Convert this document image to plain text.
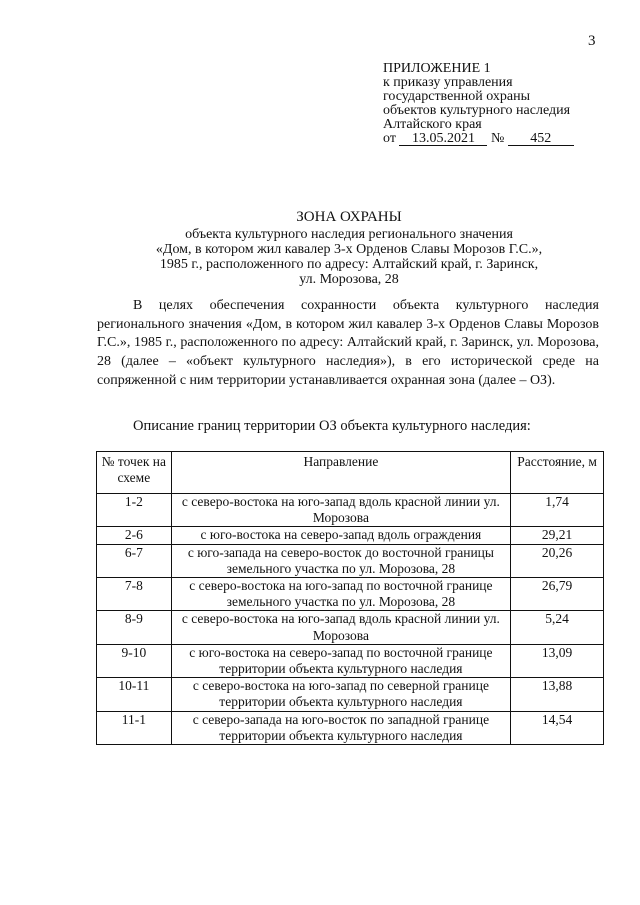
3
ПРИЛОЖЕНИЕ 1
к приказу управления
государственной охраны
объектов культурного наследия
Алтайского края
от 13.05.2021 № 452
ЗОНА ОХРАНЫ
объекта культурного наследия регионального значения
«Дом, в котором жил кавалер 3-х Орденов Славы Морозов Г.С.»,
1985 г., расположенного по адресу: Алтайский край, г. Заринск,
ул. Морозова, 28
В целях обеспечения сохранности объекта культурного наследия регионального значения «Дом, в котором жил кавалер 3-х Орденов Славы Морозов Г.С.», 1985 г., расположенного по адресу: Алтайский край, г. Заринск, ул. Морозова, 28 (далее – «объект культурного наследия»), в его исторической среде на сопряженной с ним территории устанавливается охранная зона (далее – ОЗ).
Описание границ территории ОЗ объекта культурного наследия:
№ точек на схеме	Направление	Расстояние, м
1-2	с северо-востока на юго-запад вдоль красной линии ул. Морозова	1,74
2-6	с юго-востока на северо-запад вдоль ограждения	29,21
6-7	с юго-запада на северо-восток до восточной границы земельного участка по ул. Морозова, 28	20,26
7-8	с северо-востока на юго-запад по восточной границе земельного участка по ул. Морозова, 28	26,79
8-9	с северо-востока на юго-запад вдоль красной линии ул. Морозова	5,24
9-10	с юго-востока на северо-запад по восточной границе территории объекта культурного наследия	13,09
10-11	с северо-востока на юго-запад по северной границе территории объекта культурного наследия	13,88
11-1	с северо-запада на юго-восток по западной границе территории объекта культурного наследия	14,54
